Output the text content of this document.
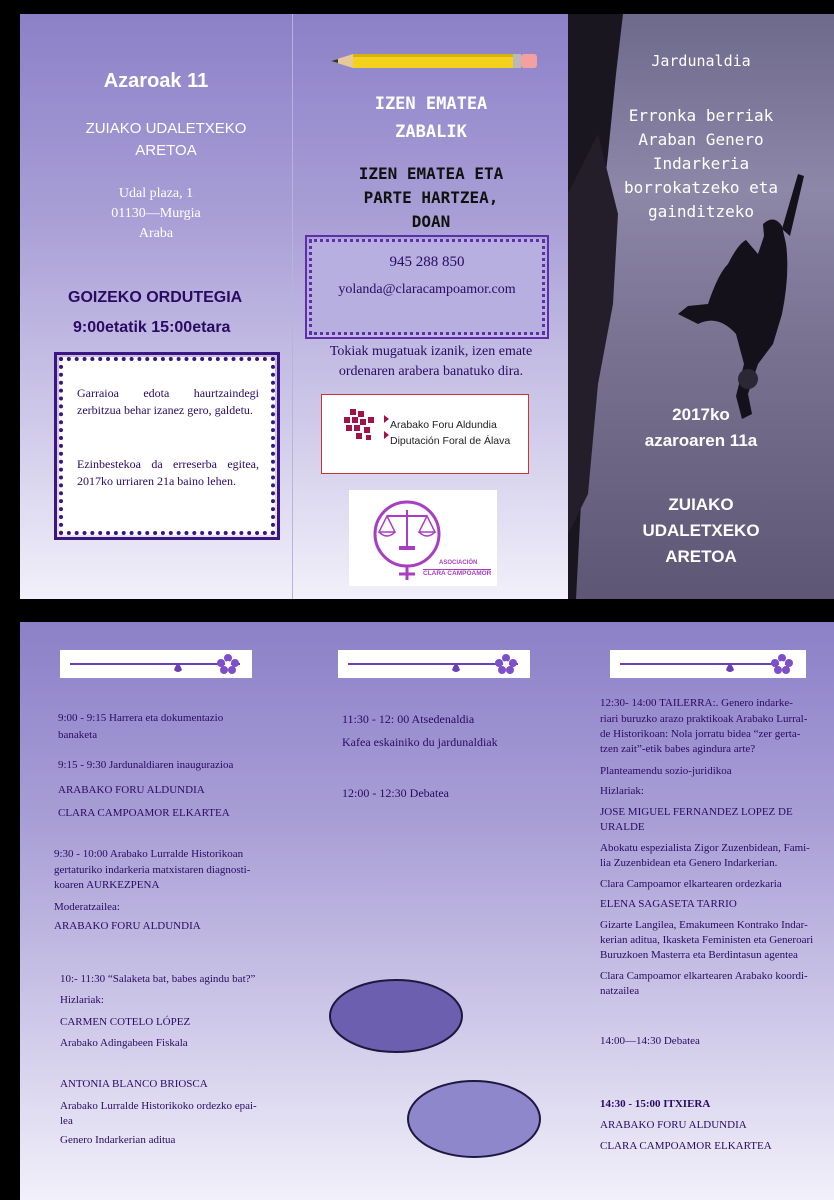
Azaroak 11
ZUIAKO UDALETXEKO ARETOA
Udal plaza, 1
01130—Murgia
Araba
GOIZEKO ORDUTEGIA
9:00etatik 15:00etara
Garraioa edota haurtzaindegi zerbitzua behar izanez gero, galdetu.
Ezinbestekoa da erreserba egitea, 2017ko urriaren 21a baino lehen.
IZEN EMATEA
ZABALIK
IZEN EMATEA ETA
PARTE HARTZEA,
DOAN
945 288 850
yolanda@claracampoamor.com
Tokiak mugatuak izanik, izen emate ordenaren arabera banatuko dira.
Arabako Foru Aldundia
Diputación Foral de Álava
ASOCIACIÓN
CLARA CAMPOAMOR
Jardunaldia
Erronka berriak
Araban Genero
Indarkeria
borrokatzeko eta
gainditzeko
2017ko
azaroaren 11a
ZUIAKO
UDALETXEKO
ARETOA
9:00 - 9:15 Harrera eta dokumentazio
banaketa
9:15 - 9:30 Jardunaldiaren inaugurazioa
ARABAKO FORU ALDUNDIA
CLARA CAMPOAMOR ELKARTEA
9:30 - 10:00 Arabako Lurralde Historikoan
gertaturiko indarkeria matxistaren diagnosti-
koaren AURKEZPENA
Moderatzailea:
ARABAKO FORU ALDUNDIA
10:- 11:30 “Salaketa bat, babes agindu bat?”
Hizlariak:
CARMEN COTELO LÓPEZ
Arabako Adingabeen Fiskala
ANTONIA BLANCO BRIOSCA
Arabako Lurralde Historikoko ordezko epai-
lea
Genero Indarkerian aditua
11:30 - 12: 00 Atsedenaldia
Kafea eskainiko du jardunaldiak
12:00 - 12:30 Debatea
12:30- 14:00 TAILERRA:. Genero indarke-
riari buruzko arazo praktikoak Arabako Lurral-
de Historikoan: Nola jorratu bidea “zer gerta-
tzen zait”-etik babes agindura arte?
Planteamendu sozio-juridikoa
Hizlariak:
JOSE MIGUEL FERNANDEZ LOPEZ DE
URALDE
Abokatu espezialista Zigor Zuzenbidean, Fami-
lia Zuzenbidean eta Genero Indarkerian.
Clara Campoamor elkartearen ordezkaria
ELENA SAGASETA TARRIO
Gizarte Langilea, Emakumeen Kontrako Indar-
kerian aditua, Ikasketa Feministen eta Generoari
Buruzkoen Masterra eta Berdintasun agentea
Clara Campoamor elkartearen Arabako koordi-
natzailea
14:00—14:30 Debatea
14:30 - 15:00 ITXIERA
ARABAKO FORU ALDUNDIA
CLARA CAMPOAMOR ELKARTEA
